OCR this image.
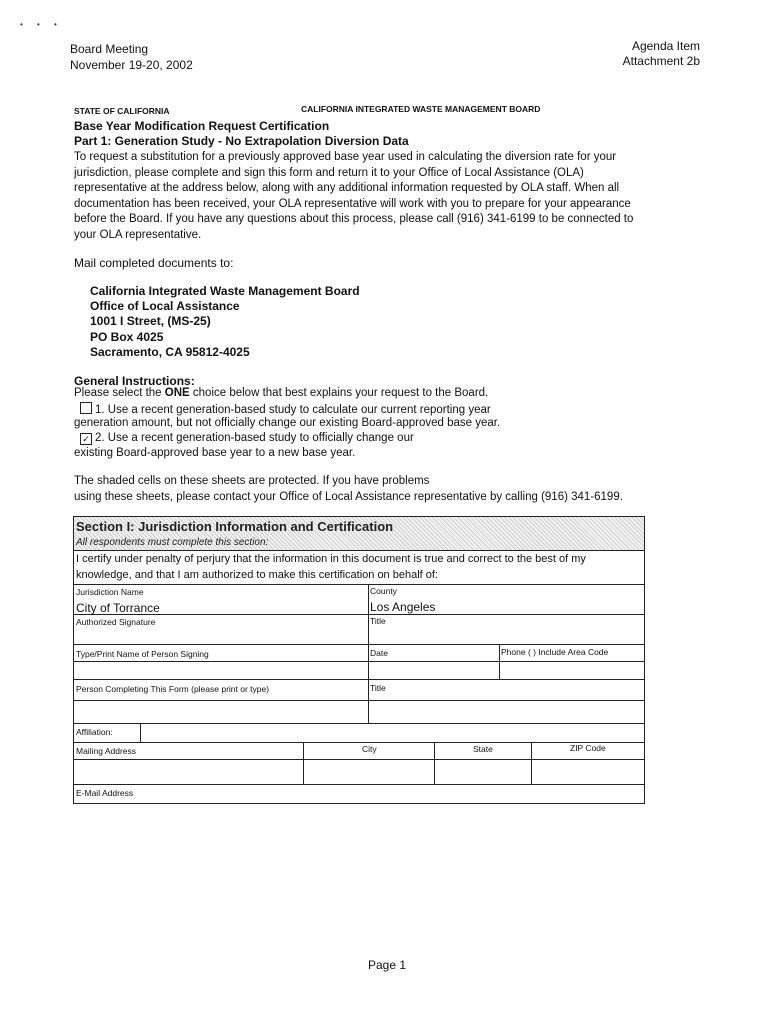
• • •
Board Meeting
November 19-20, 2002
Agenda Item
Attachment 2b
STATE OF CALIFORNIA	CALIFORNIA INTEGRATED WASTE MANAGEMENT BOARD
Base Year Modification Request Certification
Part 1: Generation Study - No Extrapolation Diversion Data
To request a substitution for a previously approved base year used in calculating the diversion rate for your
jurisdiction, please complete and sign this form and return it to your Office of Local Assistance (OLA)
representative at the address below, along with any additional information requested by OLA staff. When all
documentation has been received, your OLA representative will work with you to prepare for your appearance
before the Board. If you have any questions about this process, please call (916) 341-6199 to be connected to
your OLA representative.
Mail completed documents to:
California Integrated Waste Management Board
Office of Local Assistance
1001 I Street, (MS-25)
PO Box 4025
Sacramento, CA 95812-4025
General Instructions:
Please select the ONE choice below that best explains your request to the Board.
1. Use a recent generation-based study to calculate our current reporting year
generation amount, but not officially change our existing Board-approved base year.
✓ 2. Use a recent generation-based study to officially change our
existing Board-approved base year to a new base year.
The shaded cells on these sheets are protected. If you have problems
using these sheets, please contact your Office of Local Assistance representative by calling (916) 341-6199.
Section I: Jurisdiction Information and Certification
All respondents must complete this section:
I certify under penalty of perjury that the information in this document is true and correct to the best of my
knowledge, and that I am authorized to make this certification on behalf of:
Jurisdiction Name
City of Torrance
County
Los Angeles
Authorized Signature	Title
Type/Print Name of Person Signing	Date	Phone ( ) Include Area Code
Person Completing This Form (please print or type)	Title
Affiliation:
Mailing Address	City	State	ZIP Code
E-Mail Address
Page 1
